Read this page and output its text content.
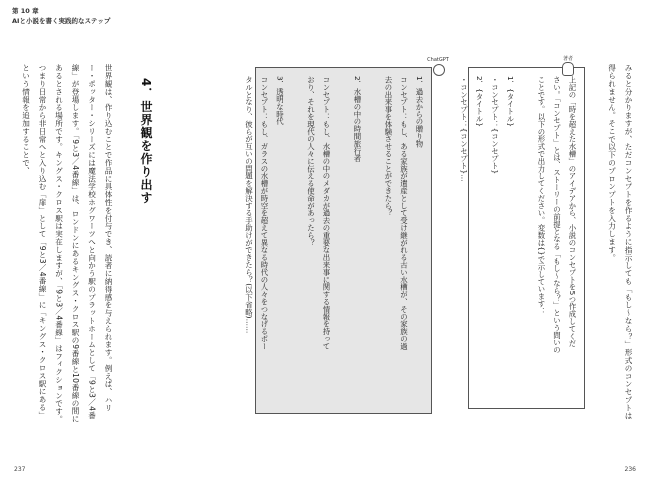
第 10 章
AIと小説を書く実践的なステップ
世界観は、作り込むことで作品に具体性を付与でき、読者に納得感を与えられます。例えば、ハリー・ポッター・シリーズには魔法学校ホグワーツへと向かう駅のプラットホームとして「9と3／4番線」が登場します。「9と3／4番線」は、ロンドンにあるキングス・クロス駅の9番線と10番線の間にあるとされる場所です。キングス・クロス駅は実在しますが、「9と3／4番線」はフィクションです。つまり日常から非日常へと入り込む「扉」として「9と3／4番線」に「キングス・クロス駅にある」という情報を追加することで、	4．世界観を作り出す	1．過去からの贈り物
コンセプト：もし、ある家族が遺産として受け継がれる古い水槽が、その家族の過
去の出来事を体験させることができたら？

2．水槽の中の時間旅行者

コンセプト：もし、水槽の中のメダカが過去の重要な出来事に関する情報を持って
おり、それを現代の人々に伝える使命があったら？

3．透明な時代
コンセプト：もし、ガラスの水槽が時空を超えて異なる時代の人々をつなげるポー
タルとなり、彼らが互いの問題を解決する手助けができたら？(以下省略)……
ChatGPT
上記の「時を超えた水槽」のアイデアから、小説のコンセプトを5つ作成してくだ
さい。「コンセプト」とは、ストーリーの前提となる「もし～なら？」という問いの
ことです。以下の形式で出力してください。変数は{}で示しています：

1．{タイトル}
・コンセプト：{コンセプト}
2．{タイトル}
・コンセプト：{コンセプト}…
著者
みると分かりますが、ただコンセプトを作るように指示しても「もし～なら？」形式のコンセプトは得られません。そこで以下のプロンプトを入力します。
237	236
